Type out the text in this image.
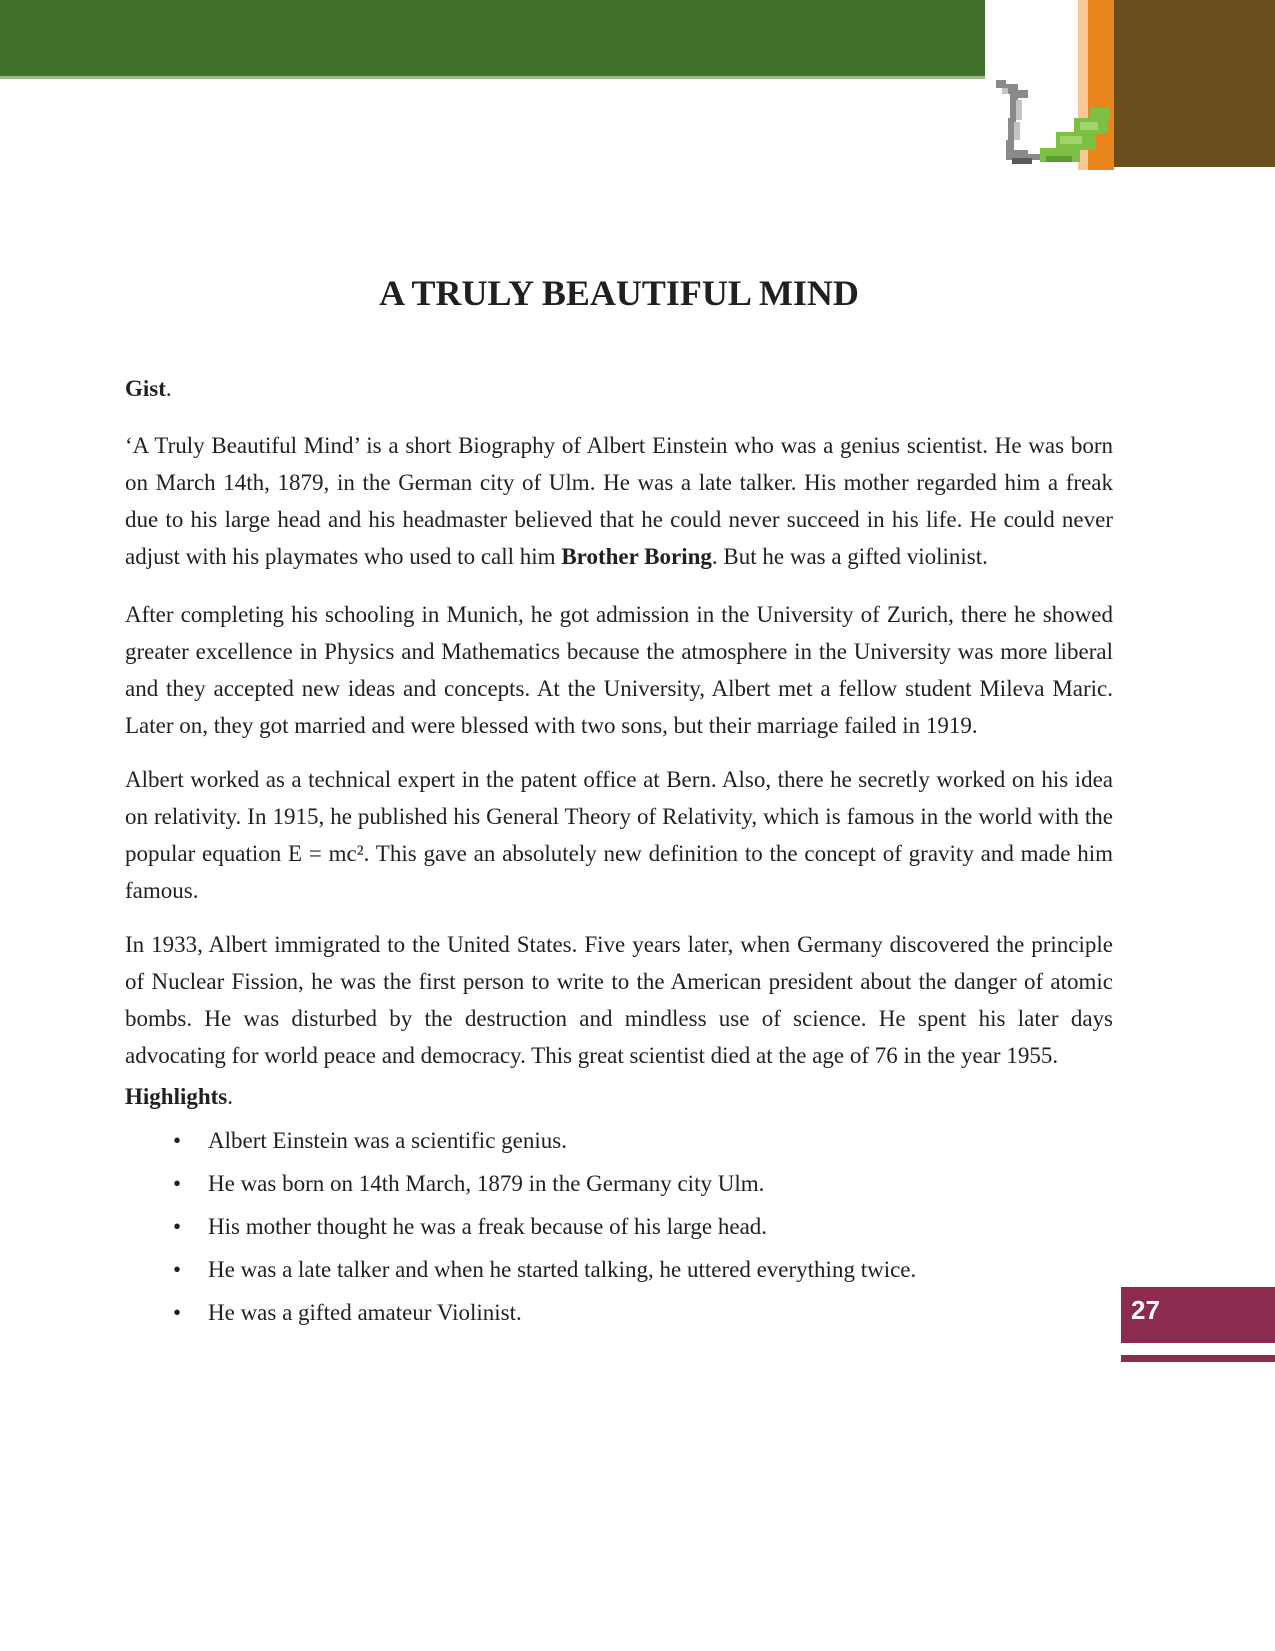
A TRULY BEAUTIFUL MIND
Gist.

‘A Truly Beautiful Mind’ is a short Biography of Albert Einstein who was a genius scientist. He was born on March 14th, 1879, in the German city of Ulm. He was a late talker. His mother regarded him a freak due to his large head and his headmaster believed that he could never succeed in his life. He could never adjust with his playmates who used to call him Brother Boring. But he was a gifted violinist.

After completing his schooling in Munich, he got admission in the University of Zurich, there he showed greater excellence in Physics and Mathematics because the atmosphere in the University was more liberal and they accepted new ideas and concepts. At the University, Albert met a fellow student Mileva Maric. Later on, they got married and were blessed with two sons, but their marriage failed in 1919.

Albert worked as a technical expert in the patent office at Bern. Also, there he secretly worked on his idea on relativity. In 1915, he published his General Theory of Relativity, which is famous in the world with the popular equation E = mc². This gave an absolutely new definition to the concept of gravity and made him famous.

In 1933, Albert immigrated to the United States. Five years later, when Germany discovered the principle of Nuclear Fission, he was the first person to write to the American president about the danger of atomic bombs. He was disturbed by the destruction and mindless use of science. He spent his later days advocating for world peace and democracy. This great scientist died at the age of 76 in the year 1955.

Highlights.
• Albert Einstein was a scientific genius.
• He was born on 14th March, 1879 in the Germany city Ulm.
• His mother thought he was a freak because of his large head.
• He was a late talker and when he started talking, he uttered everything twice.
• He was a gifted amateur Violinist.	27
